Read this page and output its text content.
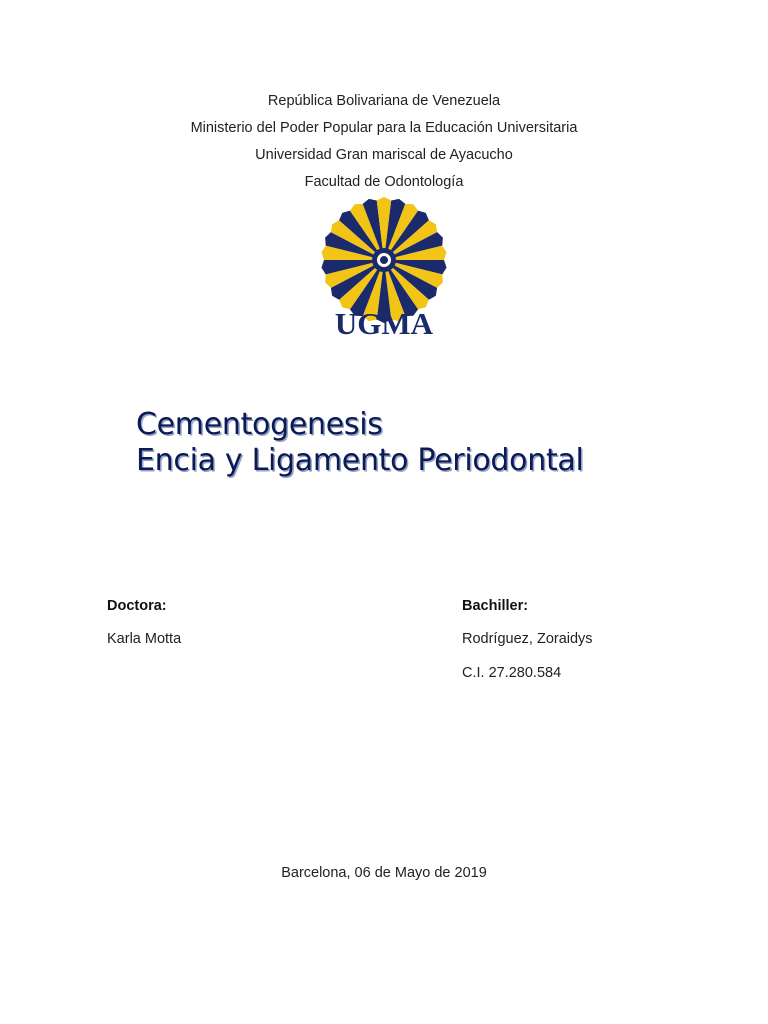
República Bolivariana de Venezuela
Ministerio del Poder Popular para la Educación Universitaria
Universidad Gran mariscal de Ayacucho
Facultad de Odontología
UGMA
Cementogenesis
Encia y Ligamento Periodontal
Doctora:
Karla Motta
Bachiller:
Rodríguez, Zoraidys
C.I. 27.280.584
Barcelona, 06 de Mayo de 2019
